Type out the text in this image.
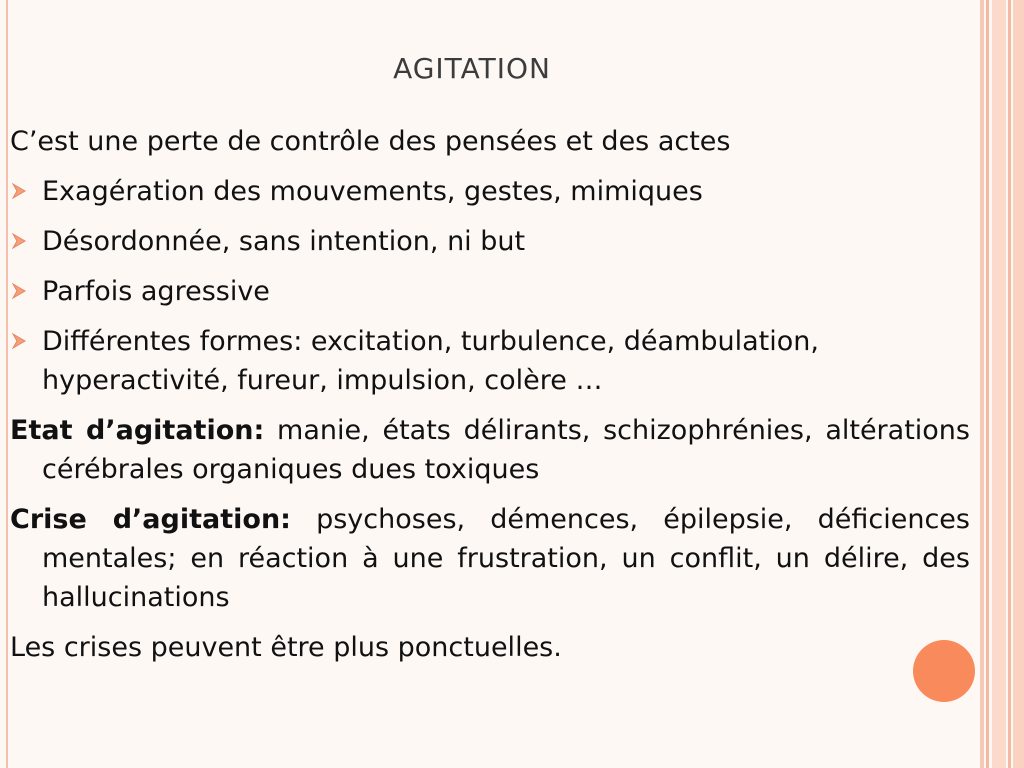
AGITATION

C’est une perte de contrôle des pensées et des actes

Exagération des mouvements, gestes, mimiques
Désordonnée, sans intention, ni but
Parfois agressive
Différentes formes: excitation, turbulence, déambulation, hyperactivité, fureur, impulsion, colère …

Etat d’agitation: manie, états délirants, schizophrénies, altérations cérébrales organiques dues toxiques

Crise d’agitation: psychoses, démences, épilepsie, déficiences mentales; en réaction à une frustration, un conflit, un délire, des hallucinations

Les crises peuvent être plus ponctuelles.
